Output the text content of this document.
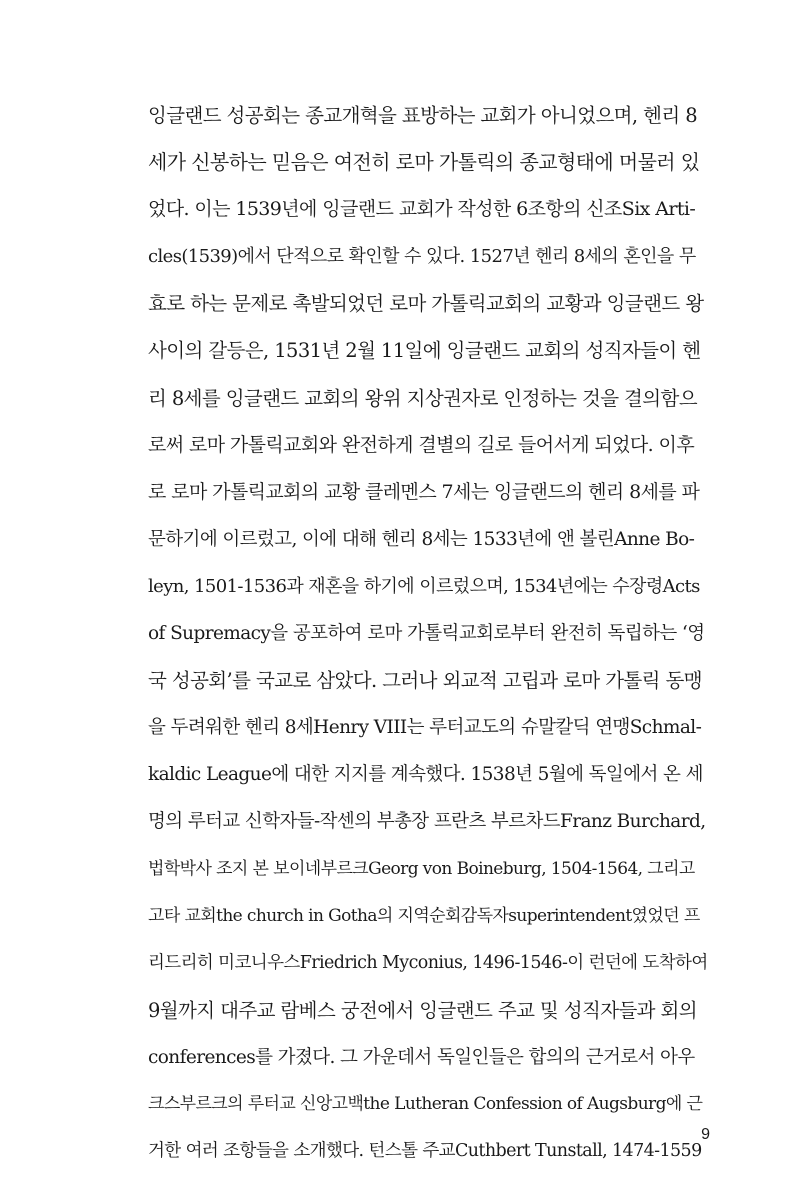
잉글랜드 성공회는 종교개혁을 표방하는 교회가 아니었으며, 헨리 8
세가 신봉하는 믿음은 여전히 로마 가톨릭의 종교형태에 머물러 있
었다. 이는 1539년에 잉글랜드 교회가 작성한 6조항의 신조Six Arti-
cles(1539)에서 단적으로 확인할 수 있다. 1527년 헨리 8세의 혼인을 무
효로 하는 문제로 촉발되었던 로마 가톨릭교회의 교황과 잉글랜드 왕
사이의 갈등은, 1531년 2월 11일에 잉글랜드 교회의 성직자들이 헨
리 8세를 잉글랜드 교회의 왕위 지상권자로 인정하는 것을 결의함으
로써 로마 가톨릭교회와 완전하게 결별의 길로 들어서게 되었다. 이후
로 로마 가톨릭교회의 교황 클레멘스 7세는 잉글랜드의 헨리 8세를 파
문하기에 이르렀고, 이에 대해 헨리 8세는 1533년에 앤 볼린Anne Bo-
leyn, 1501-1536과 재혼을 하기에 이르렀으며, 1534년에는 수장령Acts
of Supremacy을 공포하여 로마 가톨릭교회로부터 완전히 독립하는 ‘영
국 성공회’를 국교로 삼았다. 그러나 외교적 고립과 로마 가톨릭 동맹
을 두려워한 헨리 8세Henry VIII는 루터교도의 슈말칼딕 연맹Schmal-
kaldic League에 대한 지지를 계속했다. 1538년 5월에 독일에서 온 세
명의 루터교 신학자들-작센의 부총장 프란츠 부르차드Franz Burchard,
법학박사 조지 본 보이네부르크Georg von Boineburg, 1504-1564, 그리고
고타 교회the church in Gotha의 지역순회감독자superintendent였었던 프
리드리히 미코니우스Friedrich Myconius, 1496-1546-이 런던에 도착하여
9월까지 대주교 람베스 궁전에서 잉글랜드 주교 및 성직자들과 회의
conferences를 가졌다. 그 가운데서 독일인들은 합의의 근거로서 아우
크스부르크의 루터교 신앙고백the Lutheran Confession of Augsburg에 근
거한 여러 조항들을 소개했다. 턴스톨 주교Cuthbert Tunstall, 1474-1559
9
